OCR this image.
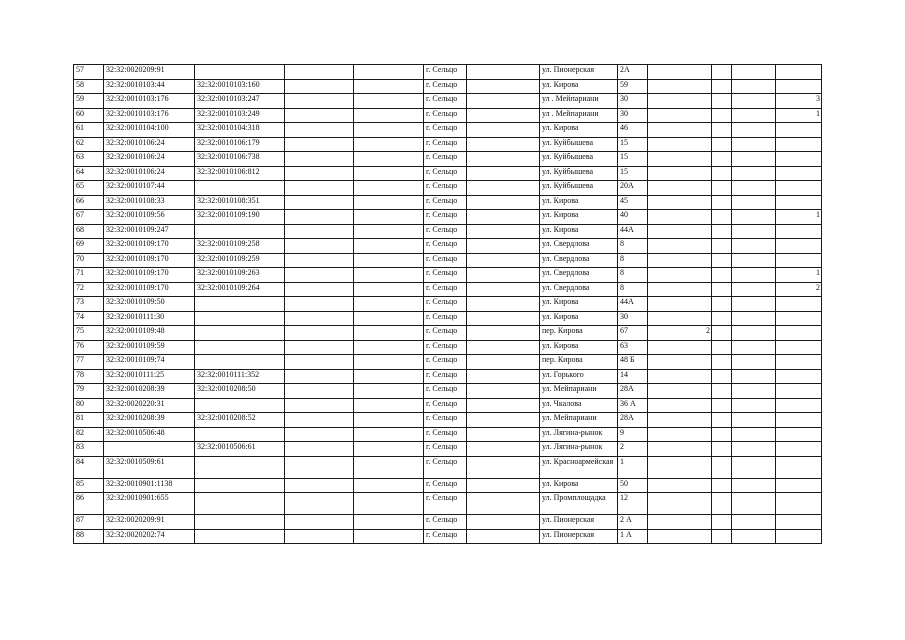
57	32:32:0020209:91				г. Сельцо		ул. Пионерская	2А				
58	32:32:0010103:44	32:32:0010103:160			г. Сельцо		ул. Кирова	59				
59	32:32:0010103:176	32:32:0010103:247			г. Сельцо		ул . Мейпариани	30				3
60	32:32:0010103:176	32:32:0010103:249			г. Сельцо		ул . Мейпариани	30				1
61	32:32:0010104:100	32:32:0010104:318			г. Сельцо		ул. Кирова	46				
62	32:32:0010106:24	32:32:0010106:179			г. Сельцо		ул. Куйбышева	15				
63	32:32:0010106:24	32:32:0010106:738			г. Сельцо		ул. Куйбышева	15				
64	32:32:0010106:24	32:32:0010106:812			г. Сельцо		ул. Куйбышева	15				
65	32:32:0010107:44				г. Сельцо		ул. Куйбышева	20А				
66	32:32:0010108:33	32:32:0010108:351			г. Сельцо		ул. Кирова	45				
67	32:32:0010109:56	32:32:0010109:190			г. Сельцо		ул. Кирова	40				1
68	32:32:0010109:247				г. Сельцо		ул. Кирова	44А				
69	32:32:0010109:170	32:32:0010109:258			г. Сельцо		ул. Свердлова	8				
70	32:32:0010109:170	32:32:0010109:259			г. Сельцо		ул. Свердлова	8				
71	32:32:0010109:170	32:32:0010109:263			г. Сельцо		ул. Свердлова	8				1
72	32:32:0010109:170	32:32:0010109:264			г. Сельцо		ул. Свердлова	8				2
73	32:32:0010109:50				г. Сельцо		ул. Кирова	44А				
74	32:32:0010111:30				г. Сельцо		ул. Кирова	30				
75	32:32:0010109:48				г. Сельцо		пер. Кирова	67	2			
76	32:32:0010109:59				г. Сельцо		ул. Кирова	63				
77	32:32:0010109:74				г. Сельцо		пер. Кирова	48 Б				
78	32:32:0010111:25	32:32:0010111:352			г. Сельцо		ул. Горького	14				
79	32:32:0010208:39	32:32:0010208:50			г. Сельцо		ул. Мейпариани	28А				
80	32:32:0020220:31				г. Сельцо		ул. Чкалова	36 А				
81	32:32:0010208:39	32:32:0010208:52			г. Сельцо		ул. Мейпариани	28А				
82	32:32:0010506:48				г. Сельцо		ул. Лягина-рынок	9				
83		32:32:0010506:61			г. Сельцо		ул. Лягина-рынок	2				
84	32:32:0010509:61				г. Сельцо		ул. Красноармейская	1				
85	32:32:0010901:1138				г. Сельцо		ул. Кирова	50				
86	32:32:0010901:655				г. Сельцо		ул. Промплощадка	12				
87	32:32:0020209:91				г. Сельцо		ул. Пионерская	2 А				
88	32:32:0020202:74				г. Сельцо		ул. Пионерская	1 А				
